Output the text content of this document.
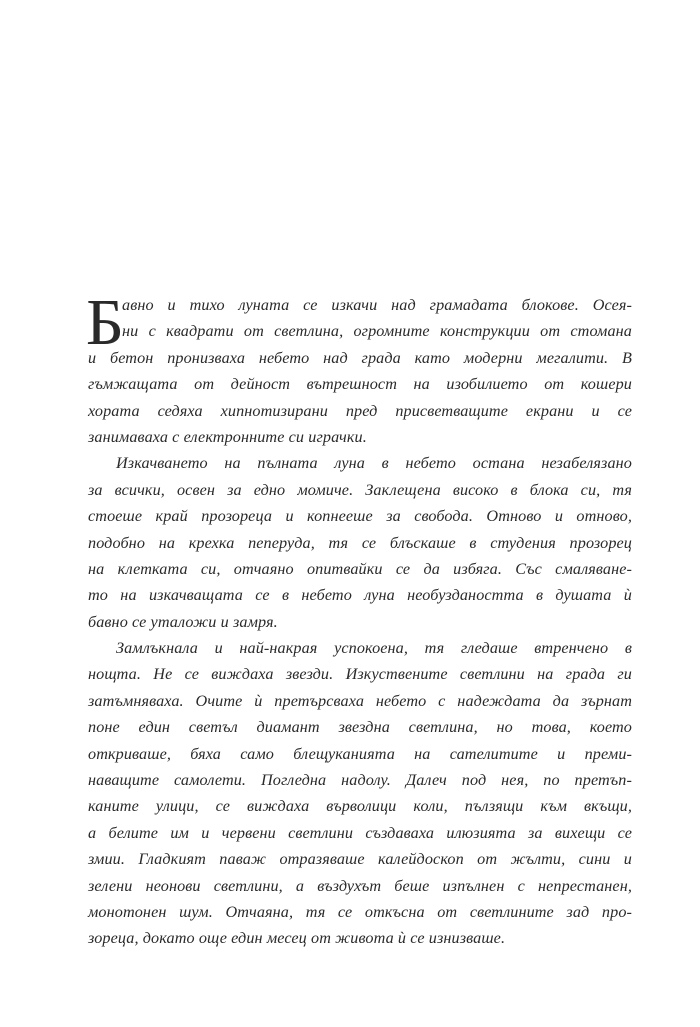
Б
авно и тихо луната се изкачи над грамадата блокове. Осея-
ни с квадрати от светлина, огромните конструкции от стомана
и бетон пронизваха небето над града като модерни мегалити. В
гъмжащата от дейност вътрешност на изобилието от кошери
хората седяха хипнотизирани пред присветващите екрани и се
занимаваха с електронните си играчки.
Изкачването на пълната луна в небето остана незабелязано
за всички, освен за едно момиче. Заклещена високо в блока си, тя
стоеше край прозореца и копнееше за свобода. Отново и отново,
подобно на крехка пеперуда, тя се блъскаше в студения прозорец
на клетката си, отчаяно опитвайки се да избяга. Със смаляване-
то на изкачващата се в небето луна необуздаността в душата ѝ
бавно се уталожи и замря.
Замлъкнала и най-накрая успокоена, тя гледаше втренчено в
нощта. Не се виждаха звезди. Изкуствените светлини на града ги
затъмняваха. Очите ѝ претърсваха небето с надеждата да зърнат
поне един светъл диамант звездна светлина, но това, което
откриваше, бяха само блещуканията на сателитите и преми-
наващите самолети. Погледна надолу. Далеч под нея, по претъп-
каните улици, се виждаха върволици коли, пълзящи към вкъщи,
а белите им и червени светлини създаваха илюзията за вихещи се
змии. Гладкият паваж отразяваше калейдоскоп от жълти, сини и
зелени неонови светлини, а въздухът беше изпълнен с непрестанен,
монотонен шум. Отчаяна, тя се откъсна от светлините зад про-
зореца, докато още един месец от живота ѝ се изнизваше.
